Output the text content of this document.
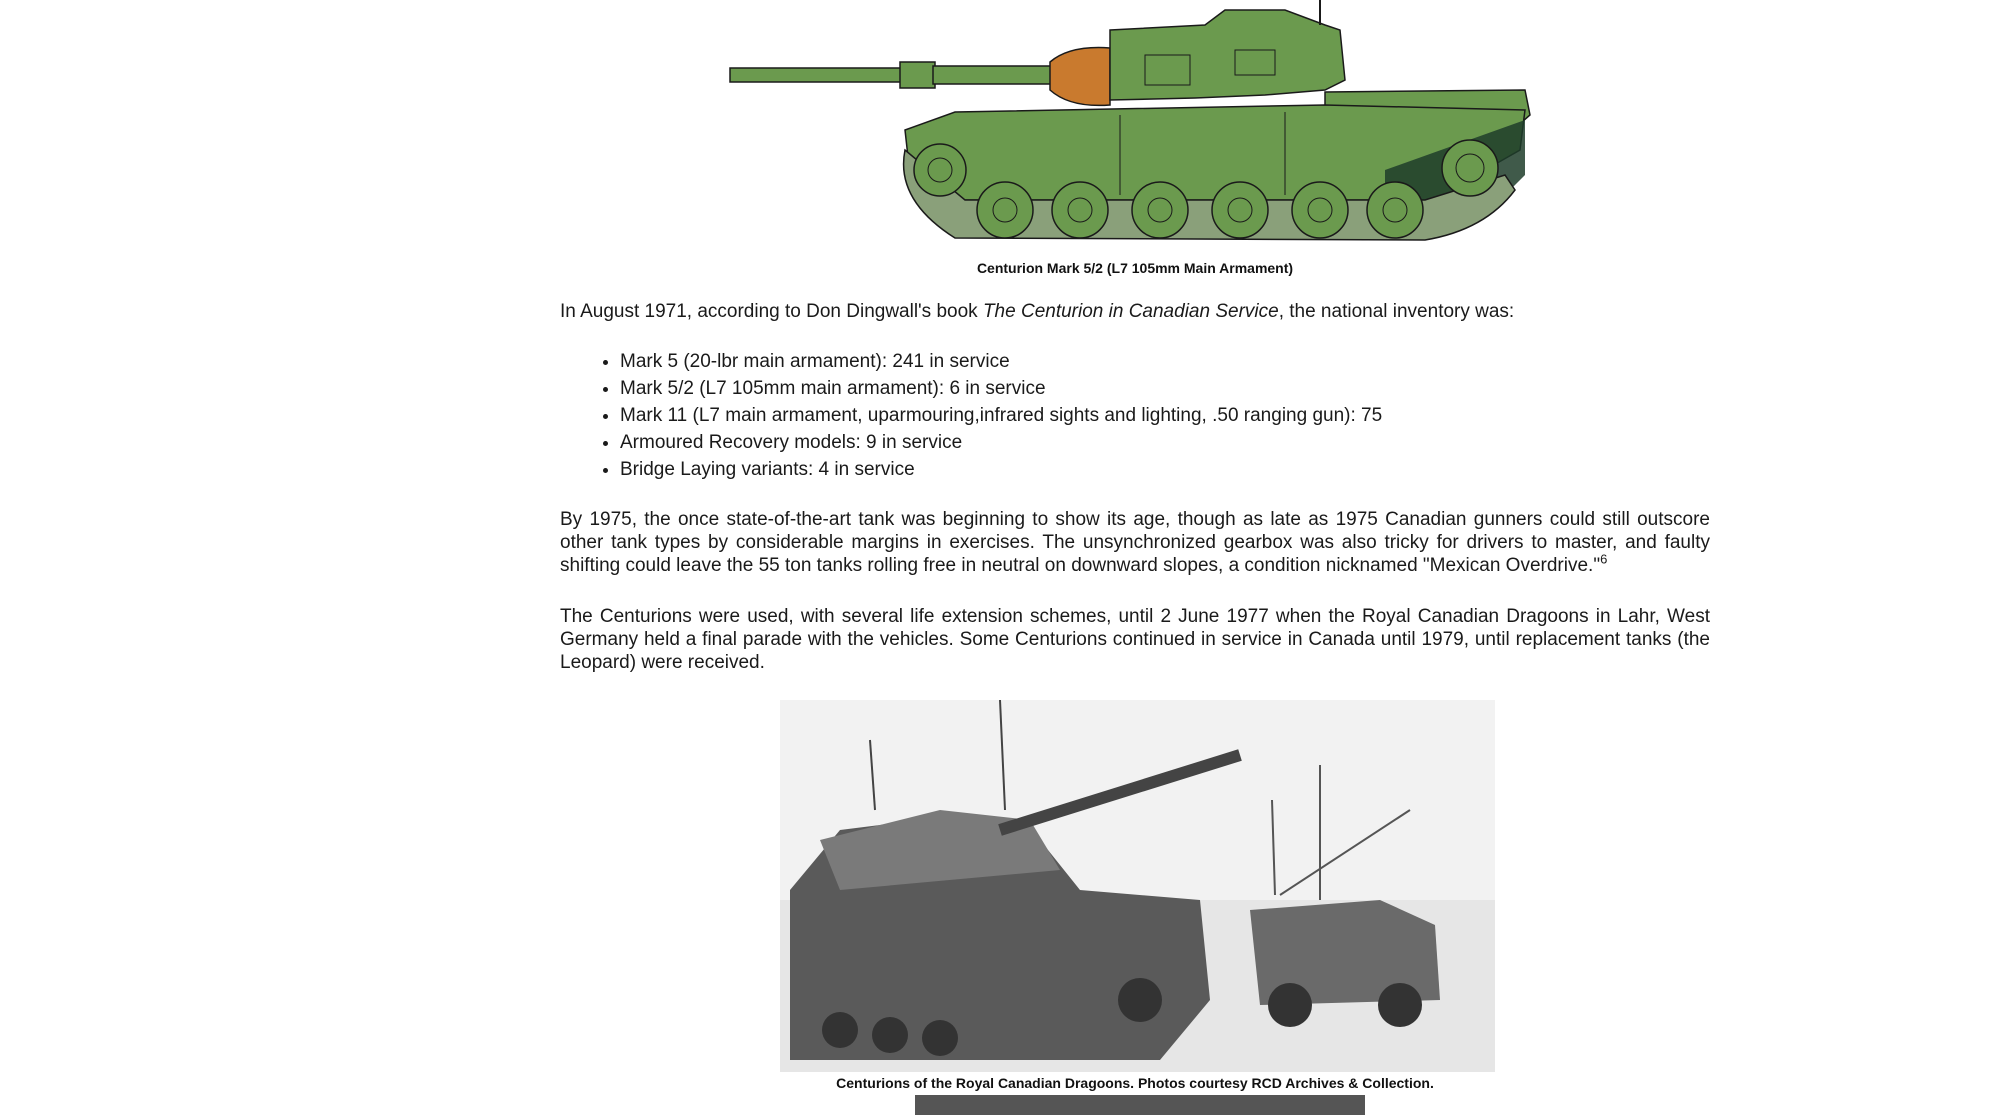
Centurion Mark 5/2 (L7 105mm Main Armament)
In August 1971, according to Don Dingwall's book The Centurion in Canadian Service, the national inventory was:
• Mark 5 (20-lbr main armament): 241 in service
• Mark 5/2 (L7 105mm main armament): 6 in service
• Mark 11 (L7 main armament, uparmouring,infrared sights and lighting, .50 ranging gun): 75
• Armoured Recovery models: 9 in service
• Bridge Laying variants: 4 in service
By 1975, the once state-of-the-art tank was beginning to show its age, though as late as 1975 Canadian gunners could still outscore other tank types by considerable margins in exercises. The unsynchronized gearbox was also tricky for drivers to master, and faulty shifting could leave the 55 ton tanks rolling free in neutral on downward slopes, a condition nicknamed "Mexican Overdrive."$^6$
The Centurions were used, with several life extension schemes, until 2 June 1977 when the Royal Canadian Dragoons in Lahr, West Germany held a final parade with the vehicles. Some Centurions continued in service in Canada until 1979, until replacement tanks (the Leopard) were received.
Centurions of the Royal Canadian Dragoons. Photos courtesy RCD Archives & Collection.
